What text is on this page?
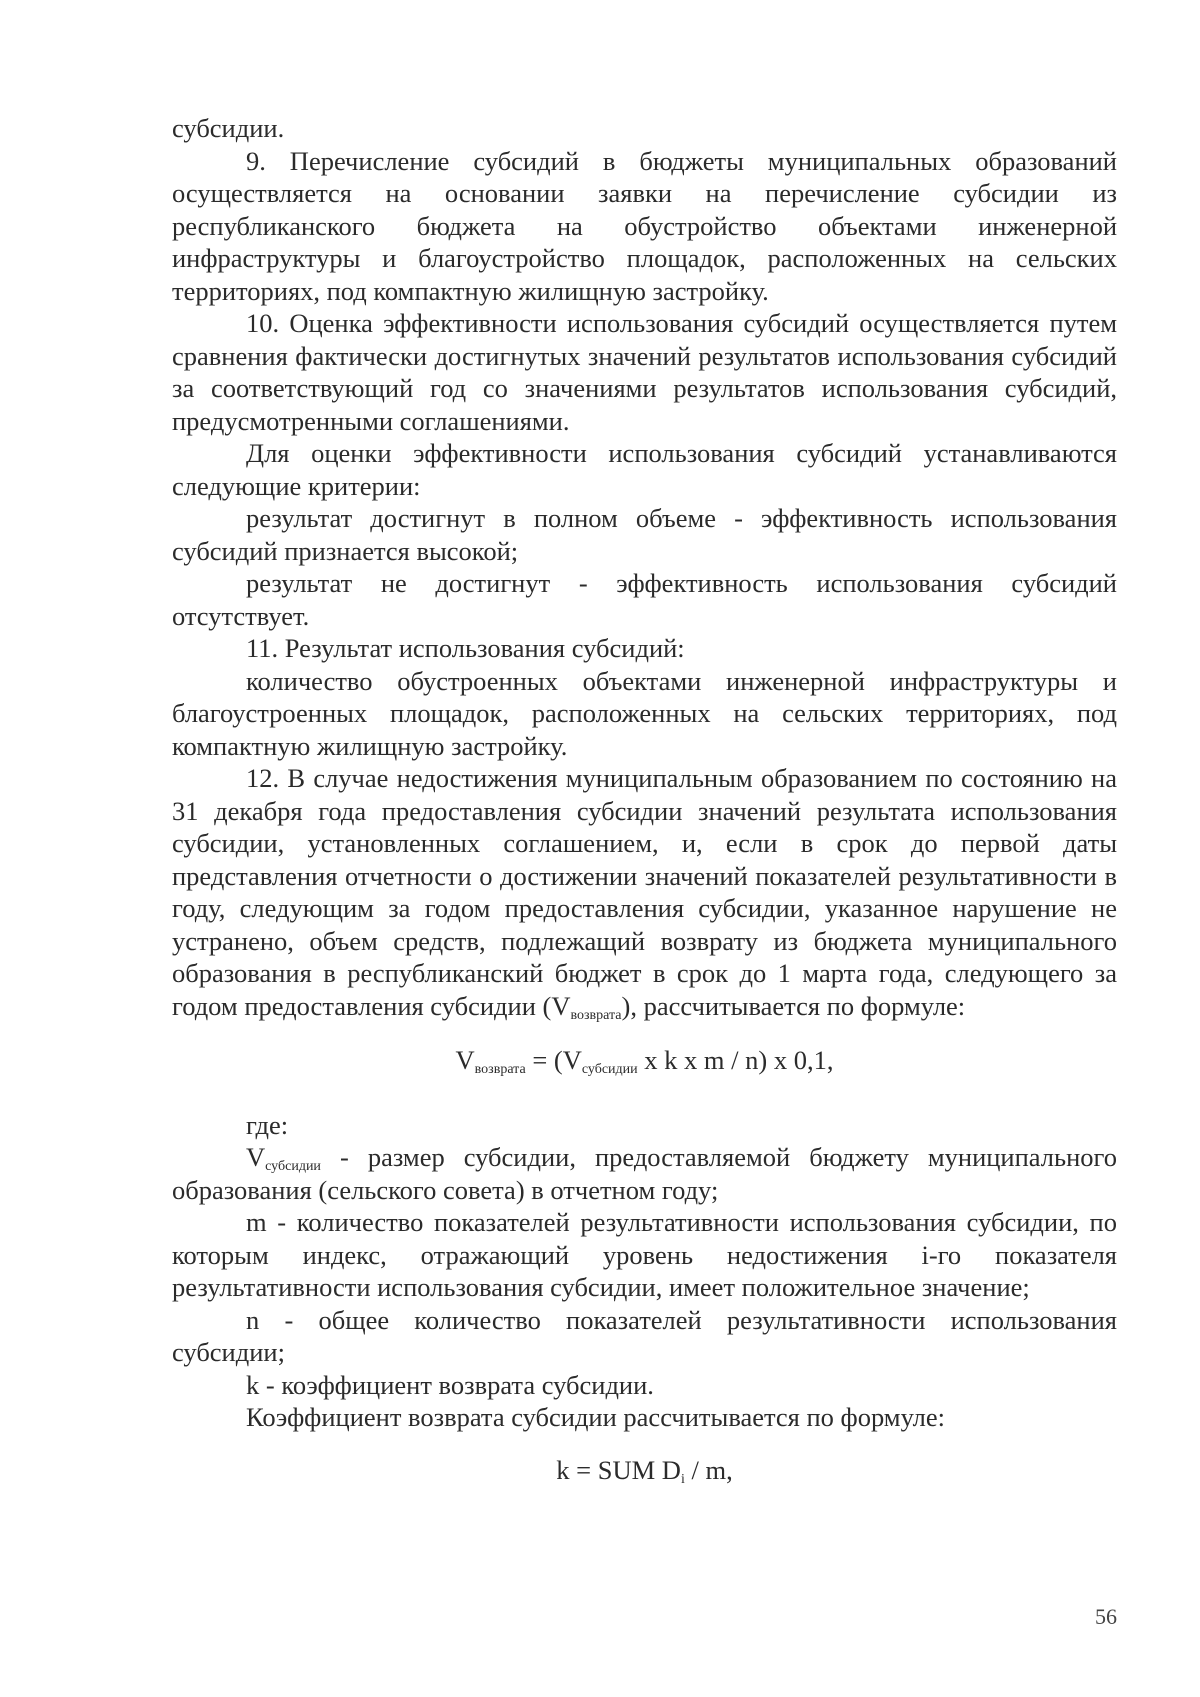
субсидии.

9. Перечисление субсидий в бюджеты муниципальных образований осуществляется на основании заявки на перечисление субсидии из республиканского бюджета на обустройство объектами инженерной инфраструктуры и благоустройство площадок, расположенных на сельских территориях, под компактную жилищную застройку.

10. Оценка эффективности использования субсидий осуществляется путем сравнения фактически достигнутых значений результатов использования субсидий за соответствующий год со значениями результатов использования субсидий, предусмотренными соглашениями.

Для оценки эффективности использования субсидий устанавливаются следующие критерии:

результат достигнут в полном объеме - эффективность использования субсидий признается высокой;

результат не достигнут - эффективность использования субсидий отсутствует.

11. Результат использования субсидий:

количество обустроенных объектами инженерной инфраструктуры и благоустроенных площадок, расположенных на сельских территориях, под компактную жилищную застройку.

12. В случае недостижения муниципальным образованием по состоянию на 31 декабря года предоставления субсидии значений результата использования субсидии, установленных соглашением, и, если в срок до первой даты представления отчетности о достижении значений показателей результативности в году, следующим за годом предоставления субсидии, указанное нарушение не устранено, объем средств, подлежащий возврату из бюджета муниципального образования в республиканский бюджет в срок до 1 марта года, следующего за годом предоставления субсидии $(V_{возврата})$, рассчитывается по формуле:

$V_{возврата} = (V_{субсидии}$ x k x m / n) x 0,1,

где:

$V_{субсидии}$ - размер субсидии, предоставляемой бюджету муниципального образования (сельского совета) в отчетном году;

m - количество показателей результативности использования субсидии, по которым индекс, отражающий уровень недостижения i-го показателя результативности использования субсидии, имеет положительное значение;

n - общее количество показателей результативности использования субсидии;

k - коэффициент возврата субсидии.

Коэффициент возврата субсидии рассчитывается по формуле:

k = SUM $D_i$ / m,

56
